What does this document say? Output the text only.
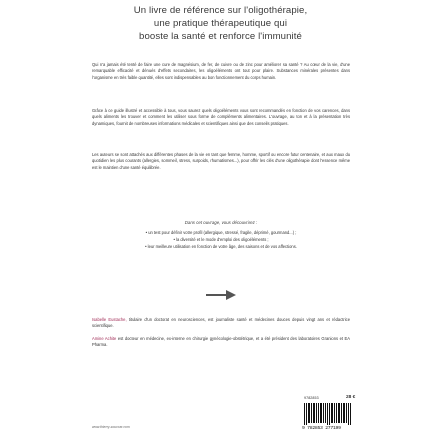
Un livre de référence sur l'oligothérapie,
une pratique thérapeutique qui
booste la santé et renforce l'immunité

Qui n'a jamais été tenté de faire une cure de magnésium, de fer, de cuivre ou de zinc pour améliorer sa santé ? Au cœur de la vie, d'une remarquable efficacité et dénués d'effets secondaires, les oligoéléments ont tout pour plaire. Substances minérales présentes dans l'organisme en très faible quantité, elles sont indispensables au bon fonctionnement du corps humain.

Grâce à ce guide illustré et accessible à tous, vous saurez quels oligoéléments vous sont recommandés en fonction de vos carences, dans quels aliments les trouver et comment les utiliser sous forme de compléments alimentaires. L'ouvrage, au ton et à la présentation très dynamiques, fournit de nombreuses informations médicales et scientifiques ainsi que des conseils pratiques.

Les auteurs se sont attachés aux différentes phases de la vie en tant que femme, homme, sportif ou encore futur centenaire, et aux maux du quotidien les plus courants (allergies, sommeil, stress, surpoids, rhumatismes...), pour offrir les clés d'une oligothérapie dont l'essence même est le maintien d'une santé équilibrée.

Dans cet ouvrage, vous découvrirez :
• un test pour définir votre profil (allergique, stressé, fragile, déprimé, gourmand...) ;
• la diversité et le mode d'emploi des oligoéléments ;
• leur meilleure utilisation en fonction de votre âge, des saisons et de vos affections.

Isabelle Eustache, titulaire d'un doctorat en neurosciences, est journaliste santé et médecines douces depuis vingt ans et rédactrice scientifique.

Amine Achite est docteur en médecine, ex-interne en chirurgie gynécologie-obstétrique, et a été président des laboratoires Granions et EA Pharma.

9782853	28 €
9 782853 277199
www.thierry-souccar.com
